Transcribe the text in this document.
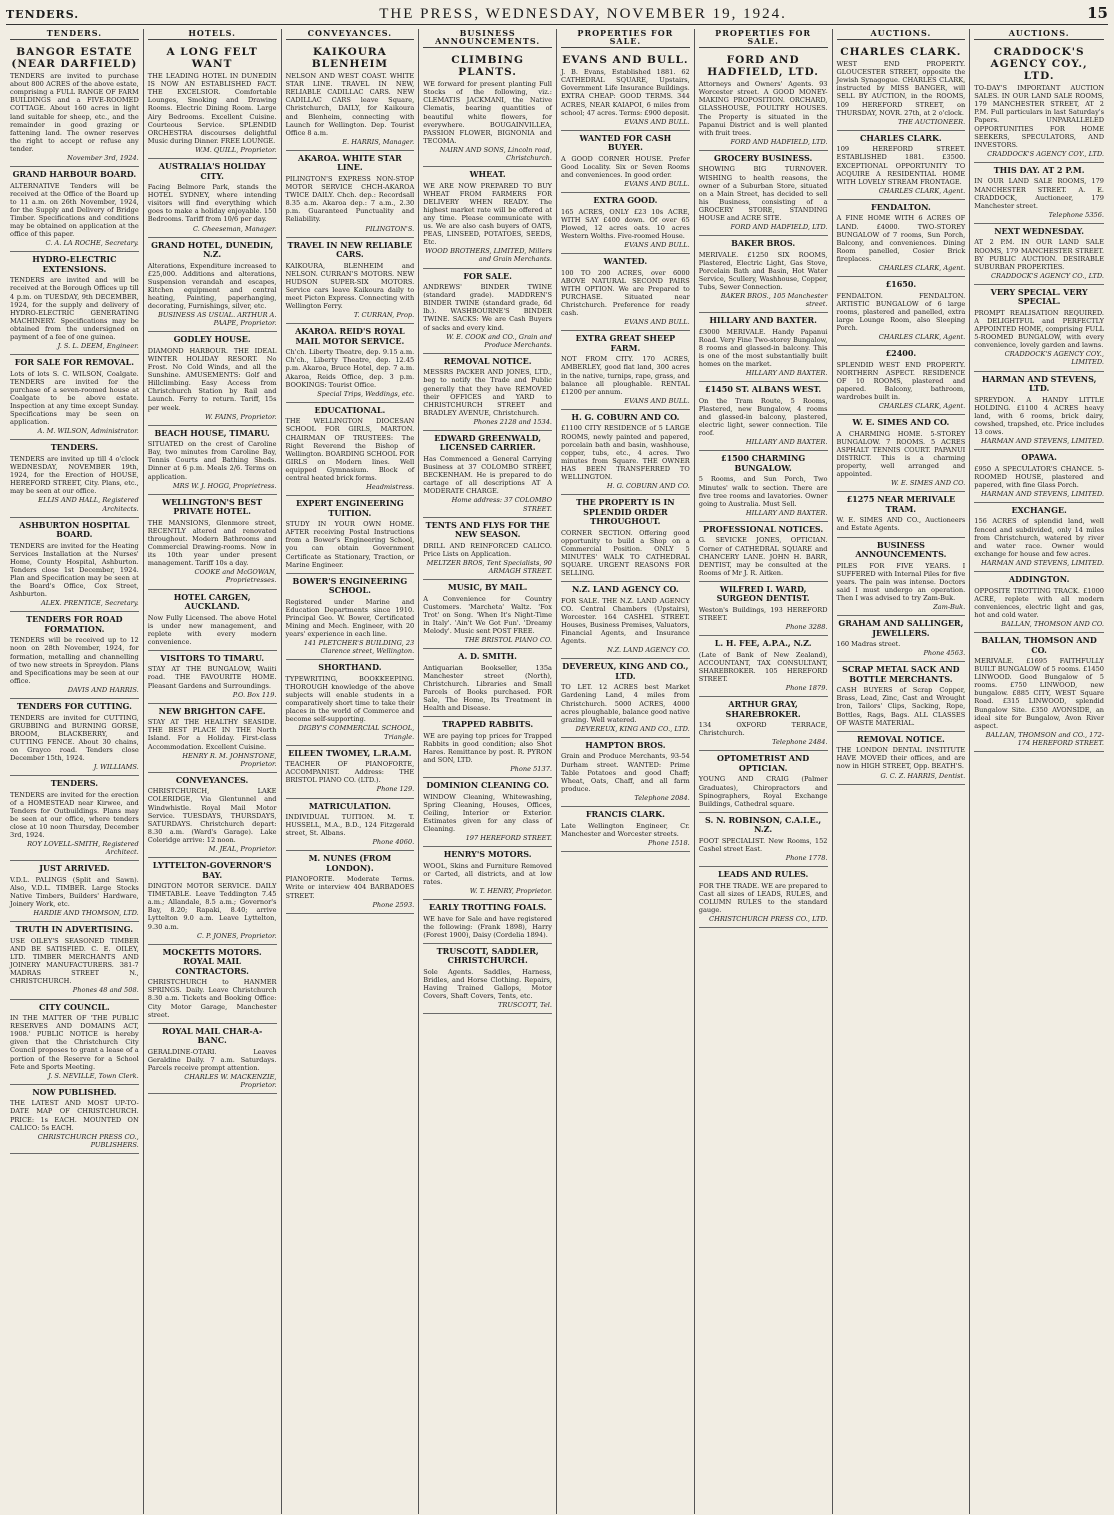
TENDERS.	THE PRESS, WEDNESDAY, NOVEMBER 19, 1924.	15
TENDERS.
BANGOR ESTATE (NEAR DARFIELD)
TENDERS are invited to purchase about 800 ACRES of the above estate, comprising a FULL RANGE OF FARM BUILDINGS and a FIVE-ROOMED COTTAGE. About 160 acres in light land suitable for sheep, etc., and the remainder in good grazing or fattening land. The owner reserves the right to accept or refuse any tender.
November 3rd, 1924.
GRAND HARBOUR BOARD.
ALTERNATIVE Tenders will be received at the Office of the Board up to 11 a.m. on 26th November, 1924, for the Supply and Delivery of Bridge Timber. Specifications and conditions may be obtained on application at the office of this paper.
C. A. LA ROCHE, Secretary.
HYDRO-ELECTRIC EXTENSIONS.
TENDERS are invited and will be received at the Borough Offices up till 4 p.m. on TUESDAY, 9th DECEMBER, 1924, for the supply and delivery of HYDRO-ELECTRIC GENERATING MACHINERY. Specifications may be obtained from the undersigned on payment of a fee of one guinea.
J. S. L. DEEM, Engineer.
FOR SALE FOR REMOVAL.
Lots of lots S. C. WILSON, Coalgate. TENDERS are invited for the purchase of a seven-roomed house at Coalgate to be above estate. Inspection at any time except Sunday. Specifications may be seen on application.
A. M. WILSON, Administrator.
TENDERS.
TENDERS are invited up till 4 o'clock WEDNESDAY, NOVEMBER 19th, 1924, for the Erection of HOUSE, HEREFORD STREET, City. Plans, etc., may be seen at our office.
ELLIS AND HALL, Registered Architects.
ASHBURTON HOSPITAL BOARD.
TENDERS are invited for the Heating Services Installation at the Nurses' Home, County Hospital, Ashburton. Tenders close 1st December, 1924. Plan and Specification may be seen at the Board's Office, Cox Street, Ashburton.
ALEX. PRENTICE, Secretary.
TENDERS FOR ROAD FORMATION.
TENDERS will be received up to 12 noon on 28th November, 1924, for formation, metalling and channelling of two new streets in Spreydon. Plans and Specifications may be seen at our office.
DAVIS AND HARRIS.
TENDERS FOR CUTTING.
TENDERS are invited for CUTTING, GRUBBING and BURNING GORSE, BROOM, BLACKBERRY, and CUTTING FENCE. About 30 chains, on Grayco road. Tenders close December 15th, 1924.
J. WILLIAMS.
TENDERS.
TENDERS are invited for the erection of a HOMESTEAD near Kirwee, and Tenders for Outbuildings. Plans may be seen at our office, where tenders close at 10 noon Thursday, December 3rd, 1924.
ROY LOVELL-SMITH, Registered Architect.
JUST ARRIVED.
V.D.L. PALINGS (Split and Sawn). Also, V.D.L. TIMBER. Large Stocks Native Timbers, Builders' Hardware, Joinery Work, etc.
HARDIE AND THOMSON, LTD.
TRUTH IN ADVERTISING.
USE OILEY'S SEASONED TIMBER AND BE SATISFIED. C. E. OILEY, LTD. TIMBER MERCHANTS AND JOINERY MANUFACTURERS. 381-7 MADRAS STREET N., CHRISTCHURCH.
Phones 48 and 508.
CITY COUNCIL.
IN THE MATTER OF 'THE PUBLIC RESERVES AND DOMAINS ACT, 1908.' PUBLIC NOTICE is hereby given that the Christchurch City Council proposes to grant a lease of a portion of the Reserve for a School Fete and Sports Meeting.
J. S. NEVILLE, Town Clerk.
NOW PUBLISHED.
THE LATEST AND MOST UP-TO-DATE MAP OF CHRISTCHURCH. PRICE: 1s EACH. MOUNTED ON CALICO: 5s EACH.
CHRISTCHURCH PRESS CO., PUBLISHERS.
HOTELS.
A LONG FELT WANT
THE LEADING HOTEL IN DUNEDIN IS NOW AN ESTABLISHED FACT. THE EXCELSIOR. Comfortable Lounges, Smoking and Drawing Rooms. Electric Dining Room. Large Airy Bedrooms. Excellent Cuisine. Courteous Service. SPLENDID ORCHESTRA discourses delightful Music during Dinner. FREE LOUNGE.
W.M. QUILL, Proprietor.
AUSTRALIA'S HOLIDAY CITY.
Facing Belmore Park, stands the HOTEL SYDNEY, where intending visitors will find everything which goes to make a holiday enjoyable. 150 Bedrooms. Tariff from 10/6 per day.
C. Cheeseman, Manager.
GRAND HOTEL, DUNEDIN, N.Z.
Alterations, Expenditure increased to £25,000. Additions and alterations, Suspension verandah and escapes, Kitchen equipment and central heating, Painting, paperhanging, decorating, Furnishings, silver, etc.
BUSINESS AS USUAL. ARTHUR A. PAAPE, Proprietor.
GODLEY HOUSE.
DIAMOND HARBOUR. THE IDEAL WINTER HOLIDAY RESORT. No Frost. No Cold Winds, and all the Sunshine. AMUSEMENTS: Golf and Hillclimbing. Easy Access from Christchurch Station by Rail and Launch. Ferry to return. Tariff, 15s per week.
W. FAINS, Proprietor.
BEACH HOUSE, TIMARU.
SITUATED on the crest of Caroline Bay, two minutes from Caroline Bay, Tennis Courts and Bathing Sheds. Dinner at 6 p.m. Meals 2/6. Terms on application.
MRS W. J. HOGG, Proprietress.
WELLINGTON'S BEST PRIVATE HOTEL.
THE MANSIONS, Glenmore street, RECENTLY altered and renovated throughout. Modern Bathrooms and Commercial Drawing-rooms. Now in its 10th year under present management. Tariff 10s a day.
COOKE and McGOWAN, Proprietresses.
HOTEL CARGEN, AUCKLAND.
Now Fully Licensed. The above Hotel is under new management, and replete with every modern convenience.
VISITORS TO TIMARU.
STAY AT THE BUNGALOW, Waiiti road. THE FAVOURITE HOME. Pleasant Gardens and Surroundings.
P.O. Box 119.
NEW BRIGHTON CAFE.
STAY AT THE HEALTHY SEASIDE. THE BEST PLACE IN THE North Island. For a Holiday. First-class Accommodation. Excellent Cuisine.
HENRY R. M. JOHNSTONE, Proprietor.
CONVEYANCES.
CHRISTCHURCH, LAKE COLERIDGE, Via Glentunnel and Windwhistle. Royal Mail Motor Service. TUESDAYS, THURSDAYS, SATURDAYS. Christchurch depart: 8.30 a.m. (Ward's Garage). Lake Coleridge arrive: 12 noon.
M. JEAL, Proprietor.
LYTTELTON-GOVERNOR'S BAY.
DINGTON MOTOR SERVICE. DAILY TIMETABLE. Leave Teddington 7.45 a.m.; Allandale, 8.5 a.m.; Governor's Bay, 8.20; Rapaki, 8.40; arrive Lyttelton 9.0 a.m. Leave Lyttelton, 9.30 a.m.
C. P. JONES, Proprietor.
MOCKETTS MOTORS. ROYAL MAIL CONTRACTORS.
CHRISTCHURCH to HANMER SPRINGS. Daily. Leave Christchurch 8.30 a.m. Tickets and Booking Office: City Motor Garage, Manchester street.
ROYAL MAIL CHAR-A-BANC.
GERALDINE-OTARI. Leaves Geraldine Daily. 7 a.m. Saturdays. Parcels receive prompt attention.
CHARLES W. MACKENZIE, Proprietor.
CONVEYANCES.
KAIKOURA BLENHEIM
NELSON AND WEST COAST. WHITE STAR LINE. TRAVEL IN NEW, RELIABLE CADILLAC CARS. NEW CADILLAC CARS leave Square, Christchurch, DAILY, for Kaikoura and Blenheim, connecting with Launch for Wellington. Dep. Tourist Office 8 a.m.
E. HARRIS, Manager.
AKAROA. WHITE STAR LINE.
PILINGTON'S EXPRESS NON-STOP MOTOR SERVICE CHCH-AKAROA TWICE DAILY. Chch. dep.: Recordsall 8.35 a.m. Akaroa dep.: 7 a.m., 2.30 p.m. Guaranteed Punctuality and Reliability.
PILINGTON'S.
TRAVEL IN NEW RELIABLE CARS.
KAIKOURA, BLENHEIM and NELSON. CURRAN'S MOTORS. NEW HUDSON SUPER-SIX MOTORS. Service cars leave Kaikoura daily to meet Picton Express. Connecting with Wellington Ferry.
T. CURRAN, Prop.
AKAROA. REID'S ROYAL MAIL MOTOR SERVICE.
Ch'ch. Liberty Theatre, dep. 9.15 a.m. Ch'ch., Liberty Theatre, dep. 12.45 p.m. Akaroa, Bruce Hotel, dep. 7 a.m. Akaroa, Reids Office, dep. 3 p.m. BOOKINGS: Tourist Office.
Special Trips, Weddings, etc.
EDUCATIONAL.
THE WELLINGTON DIOCESAN SCHOOL FOR GIRLS, MARTON. CHAIRMAN OF TRUSTEES: The Right Reverend the Bishop of Wellington. BOARDING SCHOOL FOR GIRLS on Modern lines. Well equipped Gymnasium. Block of central heated brick forms.
Headmistress.
EXPERT ENGINEERING TUITION.
STUDY IN YOUR OWN HOME. AFTER receiving Postal Instructions from a Bower's Engineering School, you can obtain Government Certificate as Stationary, Traction, or Marine Engineer.
BOWER'S ENGINEERING SCHOOL.
Registered under Marine and Education Departments since 1910. Principal Geo. W. Bower, Certificated Mining and Mech. Engineer, with 20 years' experience in each line.
141 PLETCHER'S BUILDING, 23 Clarence street, Wellington.
SHORTHAND.
TYPEWRITING, BOOKKEEPING. THOROUGH knowledge of the above subjects will enable students in a comparatively short time to take their places in the world of Commerce and become self-supporting.
DIGBY'S COMMERCIAL SCHOOL, Triangle.
EILEEN TWOMEY, L.R.A.M.
TEACHER OF PIANOFORTE, ACCOMPANIST. Address: THE BRISTOL PIANO CO. (LTD.).
Phone 129.
MATRICULATION.
INDIVIDUAL TUITION. M. T. HUSSELL, M.A., B.D., 124 Fitzgerald street, St. Albans.
Phone 4060.
M. NUNES (FROM LONDON).
PIANOFORTE. Moderate Terms. Write or interview 404 BARBADOES STREET.
Phone 2593.
BUSINESS ANNOUNCEMENTS.
CLIMBING PLANTS.
WE forward for present planting Full Stocks of the following, viz.: CLEMATIS JACKMANI, the Native Clematis, bearing quantities of beautiful white flowers, for everywhere. BOUGAINVILLEA, PASSION FLOWER, BIGNONIA and TECOMA.
NAIRN AND SONS, Lincoln road, Christchurch.
WHEAT.
WE ARE NOW PREPARED TO BUY WHEAT FROM FARMERS FOR DELIVERY WHEN READY. The highest market rate will be offered at any time. Please communicate with us. We are also cash buyers of OATS, PEAS, LINSEED, POTATOES, SEEDS, Etc.
WOOD BROTHERS, LIMITED, Millers and Grain Merchants.
FOR SALE.
ANDREWS' BINDER TWINE (standard grade). MADDREN'S BINDER TWINE (standard grade, 6d lb.). WASHBOURNE'S BINDER TWINE. SACKS: We are Cash Buyers of sacks and every kind.
W. E. COOK and CO., Grain and Produce Merchants.
REMOVAL NOTICE.
MESSRS PACKER AND JONES, LTD., beg to notify the Trade and Public generally that they have REMOVED their OFFICES and YARD to CHRISTCHURCH STREET and BRADLEY AVENUE, Christchurch.
Phones 2128 and 1534.
EDWARD GREENWALD, LICENSED CARRIER.
Has Commenced a General Carrying Business at 37 COLOMBO STREET, BECKENHAM. He is prepared to do cartage of all descriptions AT A MODERATE CHARGE.
Home address: 37 COLOMBO STREET.
TENTS AND FLYS FOR THE NEW SEASON.
DRILL AND REINFORCED CALICO. Price Lists on Application.
MELTZER BROS, Tent Specialists, 90 ARMAGH STREET.
MUSIC, BY MAIL.
A Convenience for Country Customers. 'Marcheta' Waltz. 'Fox Trot' on Song. 'When It's Night-Time in Italy'. 'Ain't We Got Fun'. 'Dreamy Melody'. Music sent POST FREE.
THE BRISTOL PIANO CO.
A. D. SMITH.
Antiquarian Bookseller, 135a Manchester street (North), Christchurch. Libraries and Small Parcels of Books purchased. FOR Sale, The Home, Its Treatment in Health and Disease.
TRAPPED RABBITS.
WE are paying top prices for Trapped Rabbits in good condition; also Shot Hares. Remittance by post. R. PYRON and SON, LTD.
Phone 5137.
DOMINION CLEANING CO.
WINDOW Cleaning, Whitewashing, Spring Cleaning, Houses, Offices, Ceiling, Interior or Exterior. Estimates given for any class of Cleaning.
197 HEREFORD STREET.
HENRY'S MOTORS.
WOOL, Skins and Furniture Removed or Carted, all districts, and at low rates.
W. T. HENRY, Proprietor.
EARLY TROTTING FOALS.
WE have for Sale and have registered the following: (Frank 1898), Harry (Forest 1900), Daisy (Cordelia 1894).
TRUSCOTT, SADDLER, CHRISTCHURCH.
Sole Agents. Saddles, Harness, Bridles, and Horse Clothing. Repairs, Having Trained Gallops, Motor Covers, Shaft Covers, Tents, etc.
TRUSCOTT, Tel.
PROPERTIES FOR SALE.
EVANS AND BULL.
J. B. Evans, Established 1881. 62 CATHEDRAL SQUARE, Upstairs, Government Life Insurance Buildings. EXTRA CHEAP: GOOD TERMS. 344 ACRES, NEAR KAIAPOI, 6 miles from school; 47 acres. Terms: £900 deposit.
EVANS AND BULL.
WANTED FOR CASH BUYER.
A GOOD CORNER HOUSE. Prefer Good Locality. Six or Seven Rooms and conveniences. In good order.
EVANS AND BULL.
EXTRA GOOD.
165 ACRES, ONLY £23 10s ACRE, WITH SAY £400 down. Of over 65 Plowed, 12 acres oats. 10 acres Western Wolths. Five-roomed House.
EVANS AND BULL.
WANTED.
100 TO 200 ACRES, over 6000 ABOVE NATURAL SECOND PAIRS WITH OPTION. We are Prepared to PURCHASE. Situated near Christchurch. Preference for ready cash.
EVANS AND BULL.
EXTRA GREAT SHEEP FARM.
NOT FROM CITY. 170 ACRES, AMBERLEY, good flat land, 300 acres in the native, turnips, rape, grass, and balance all ploughable. RENTAL £1200 per annum.
EVANS AND BULL.
H. G. COBURN AND CO.
£1100 CITY RESIDENCE of 5 LARGE ROOMS, newly painted and papered, porcelain bath and basin, washhouse, copper, tubs, etc., 4 acres. Two minutes from Square. THE OWNER HAS BEEN TRANSFERRED TO WELLINGTON.
H. G. COBURN AND CO.
THE PROPERTY IS IN SPLENDID ORDER THROUGHOUT.
CORNER SECTION. Offering good opportunity to build a Shop on a Commercial Position. ONLY 5 MINUTES' WALK TO CATHEDRAL SQUARE. URGENT REASONS FOR SELLING.
N.Z. LAND AGENCY CO.
FOR SALE. THE N.Z. LAND AGENCY CO. Central Chambers (Upstairs), Worcester. 164 CASHEL STREET. Houses, Business Premises, Valuators, Financial Agents, and Insurance Agents.
N.Z. LAND AGENCY CO.
DEVEREUX, KING AND CO., LTD.
TO LET. 12 ACRES best Market Gardening Land, 4 miles from Christchurch. 5000 ACRES, 4000 acres ploughable, balance good native grazing. Well watered.
DEVEREUX, KING AND CO., LTD.
HAMPTON BROS.
Grain and Produce Merchants, 93-54 Durham street. WANTED: Prime Table Potatoes and good Chaff; Wheat, Oats, Chaff, and all farm produce.
Telephone 2084.
FRANCIS CLARK.
Late Wellington Engineer, Cr. Manchester and Worcester streets.
Phone 1518.
PROPERTIES FOR SALE.
FORD AND HADFIELD, LTD.
Attorneys and Owners' Agents. 93 Worcester street. A GOOD MONEY-MAKING PROPOSITION. ORCHARD, GLASSHOUSE, POULTRY HOUSES. The Property is situated in the Papanui District and is well planted with fruit trees.
FORD AND HADFIELD, LTD.
GROCERY BUSINESS.
SHOWING BIG TURNOVER. WISHING to health reasons, the owner of a Suburban Store, situated on a Main Street, has decided to sell his Business, consisting of a GROCERY STORE, STANDING HOUSE and ACRE SITE.
FORD AND HADFIELD, LTD.
BAKER BROS.
MERIVALE. £1250 SIX ROOMS, Plastered, Electric Light, Gas Stove, Porcelain Bath and Basin, Hot Water Service, Scullery, Washhouse, Copper, Tubs, Sewer Connection.
BAKER BROS., 105 Manchester street.
HILLARY AND BAXTER.
£3000 MERIVALE. Handy Papanui Road. Very Fine Two-storey Bungalow, 8 rooms and glassed-in balcony. This is one of the most substantially built homes on the market.
HILLARY AND BAXTER.
£1450 ST. ALBANS WEST.
On the Tram Route, 5 Rooms, Plastered, new Bungalow, 4 rooms and glassed-in balcony, plastered, electric light, sewer connection. Tile roof.
HILLARY AND BAXTER.
£1500 CHARMING BUNGALOW.
5 Rooms, and Sun Porch, Two Minutes' walk to section. There are five tree rooms and lavatories. Owner going to Australia. Must Sell.
HILLARY AND BAXTER.
PROFESSIONAL NOTICES.
G. SEVICKE JONES, OPTICIAN. Corner of CATHEDRAL SQUARE and CHANCERY LANE. JOHN H. BARR, DENTIST, may be consulted at the Rooms of Mr J. R. Aitken.
WILFRED I. WARD, SURGEON DENTIST.
Weston's Buildings, 193 HEREFORD STREET.
Phone 3288.
L. H. FEE, A.P.A., N.Z.
(Late of Bank of New Zealand), ACCOUNTANT, TAX CONSULTANT, SHAREBROKER. 105 HEREFORD STREET.
Phone 1879.
ARTHUR GRAY, SHAREBROKER.
134 OXFORD TERRACE, Christchurch.
Telephone 2484.
OPTOMETRIST AND OPTICIAN.
YOUNG AND CRAIG (Palmer Graduates), Chiropractors and Spinographers, Royal Exchange Buildings, Cathedral square.
S. N. ROBINSON, C.A.I.E., N.Z.
FOOT SPECIALIST. New Rooms, 152 Cashel street East.
Phone 1778.
LEADS AND RULES.
FOR THE TRADE. WE are prepared to Cast all sizes of LEADS, RULES, and COLUMN RULES to the standard gauge.
CHRISTCHURCH PRESS CO., LTD.
AUCTIONS.
CHARLES CLARK.
WEST END PROPERTY. GLOUCESTER STREET, opposite the Jewish Synagogue. CHARLES CLARK, instructed by MISS BANGER, will SELL BY AUCTION, in the ROOMS, 109 HEREFORD STREET, on THURSDAY, NOVR. 27th, at 2 o'clock.
THE AUCTIONEER.
CHARLES CLARK.
109 HEREFORD STREET. ESTABLISHED 1881. £3500. EXCEPTIONAL OPPORTUNITY TO ACQUIRE A RESIDENTIAL HOME WITH LOVELY STREAM FRONTAGE.
CHARLES CLARK, Agent.
FENDALTON.
A FINE HOME WITH 6 ACRES OF LAND. £4000. TWO-STOREY BUNGALOW of 7 rooms, Sun Porch, Balcony, and conveniences. Dining Room panelled, Cosier Brick fireplaces.
CHARLES CLARK, Agent.
£1650.
FENDALTON. FENDALTON. ARTISTIC BUNGALOW of 6 large rooms, plastered and panelled, extra large Lounge Room, also Sleeping Porch.
CHARLES CLARK, Agent.
£2400.
SPLENDID WEST END PROPERTY. NORTHERN ASPECT. RESIDENCE OF 10 ROOMS, plastered and papered. Balcony, bathroom, wardrobes built in.
CHARLES CLARK, Agent.
W. E. SIMES AND CO.
A CHARMING HOME. 5-STOREY BUNGALOW. 7 ROOMS. 5 ACRES ASPHALT TENNIS COURT. PAPANUI DISTRICT. This is a charming property, well arranged and appointed.
W. E. SIMES AND CO.
£1275 NEAR MERIVALE TRAM.
W. E. SIMES AND CO., Auctioneers and Estate Agents.
BUSINESS ANNOUNCEMENTS.
PILES FOR FIVE YEARS. I SUFFERED with Internal Piles for five years. The pain was intense. Doctors said I must undergo an operation. Then I was advised to try Zam-Buk.
Zam-Buk.
GRAHAM AND SALLINGER, JEWELLERS.
160 Madras street.
Phone 4563.
SCRAP METAL SACK AND BOTTLE MERCHANTS.
CASH BUYERS of Scrap Copper, Brass, Lead, Zinc, Cast and Wrought Iron, Tailors' Clips, Sacking, Rope, Bottles, Rags, Bags. ALL CLASSES OF WASTE MATERIAL.
REMOVAL NOTICE.
THE LONDON DENTAL INSTITUTE HAVE MOVED their offices, and are now in HIGH STREET, Opp. BEATH'S.
G. C. Z. HARRIS, Dentist.
AUCTIONS.
CRADDOCK'S AGENCY COY., LTD.
TO-DAY'S IMPORTANT AUCTION SALES. IN OUR LAND SALE ROOMS, 179 MANCHESTER STREET, AT 2 P.M. Full particulars in last Saturday's Papers. UNPARALLELED OPPORTUNITIES FOR HOME SEEKERS, SPECULATORS, AND INVESTORS.
CRADDOCK'S AGENCY COY., LTD.
THIS DAY. AT 2 P.M.
IN OUR LAND SALE ROOMS, 179 MANCHESTER STREET. A. E. CRADDOCK, Auctioneer, 179 Manchester street.
Telephone 5356.
NEXT WEDNESDAY.
AT 2 P.M. IN OUR LAND SALE ROOMS, 179 MANCHESTER STREET. BY PUBLIC AUCTION. DESIRABLE SUBURBAN PROPERTIES.
CRADDOCK'S AGENCY CO., LTD.
VERY SPECIAL. VERY SPECIAL.
PROMPT REALISATION REQUIRED. A DELIGHTFUL and PERFECTLY APPOINTED HOME, comprising FULL 5-ROOMED BUNGALOW, with every convenience, lovely garden and lawns.
CRADDOCK'S AGENCY COY., LIMITED.
HARMAN AND STEVENS, LTD.
SPREYDON. A HANDY LITTLE HOLDING. £1100 4 ACRES heavy land, with 6 rooms, brick dairy, cowshed, trapshed, etc. Price includes 13 cows.
HARMAN AND STEVENS, LIMITED.
OPAWA.
£950 A SPECULATOR'S CHANCE. 5-ROOMED HOUSE, plastered and papered, with fine Glass Porch.
HARMAN AND STEVENS, LIMITED.
EXCHANGE.
156 ACRES of splendid land, well fenced and subdivided, only 14 miles from Christchurch, watered by river and water race. Owner would exchange for house and few acres.
HARMAN AND STEVENS, LIMITED.
ADDINGTON.
OPPOSITE TROTTING TRACK. £1000 ACRE, replete with all modern conveniences, electric light and gas, hot and cold water.
BALLAN, THOMSON AND CO.
BALLAN, THOMSON AND CO.
MERIVALE. £1695 FAITHFULLY BUILT BUNGALOW of 5 rooms. £1450 LINWOOD. Good Bungalow of 5 rooms. £750 LINWOOD, new bungalow. £885 CITY, WEST Square Road. £315 LINWOOD, splendid Bungalow Site. £350 AVONSIDE, an ideal site for Bungalow, Avon River aspect.
BALLAN, THOMSON and CO., 172-174 HEREFORD STREET.
